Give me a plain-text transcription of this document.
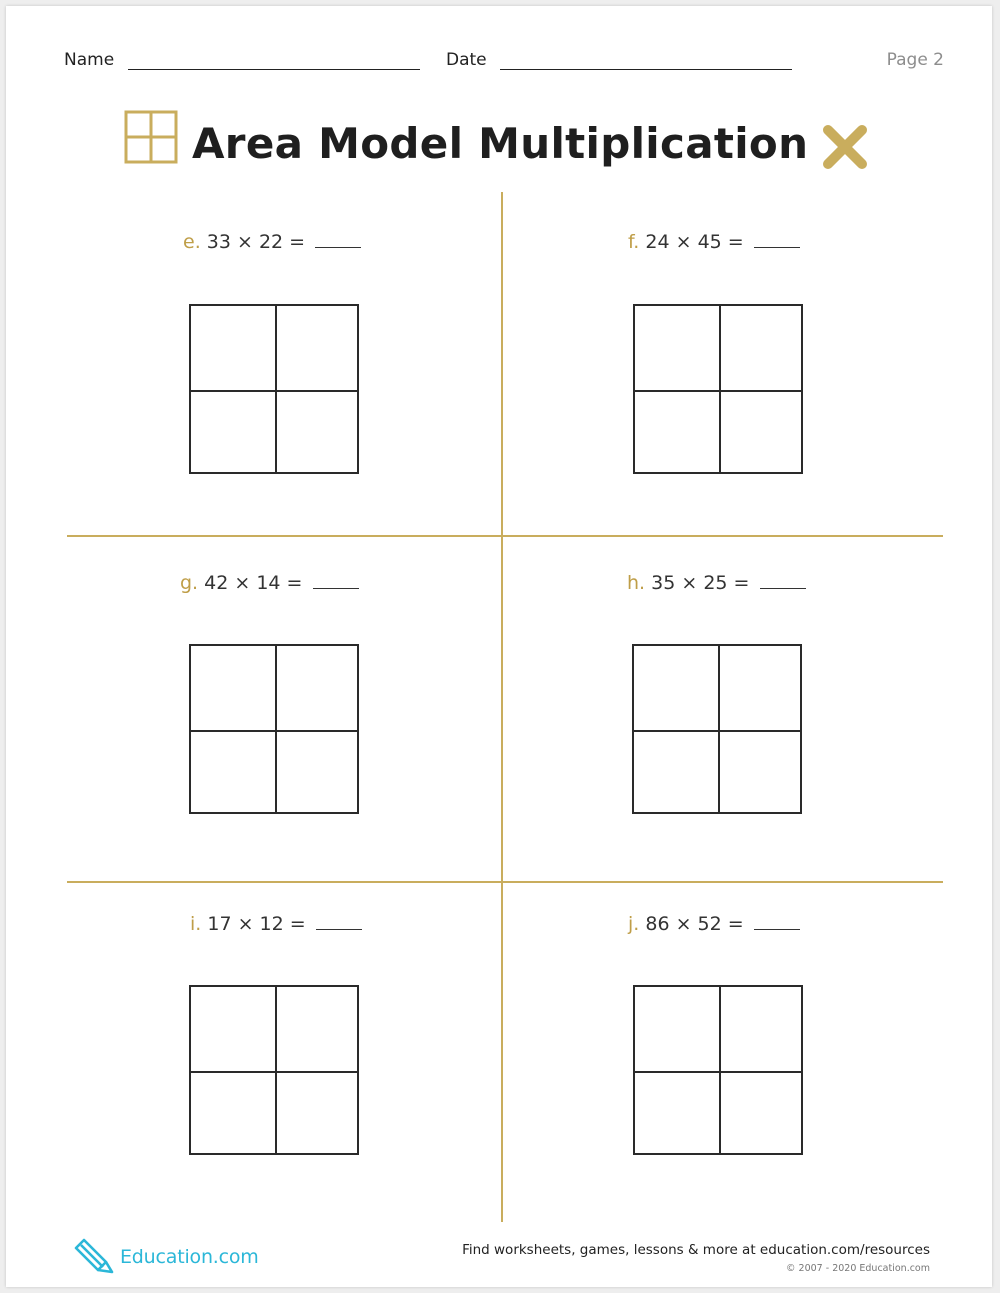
Name	Date	Page 2
Area Model Multiplication
e. 33 × 22 =	f. 24 × 45 =
g. 42 × 14 =	h. 35 × 25 =
i. 17 × 12 =	j. 86 × 52 =
Education.com	Find worksheets, games, lessons & more at education.com/resources
© 2007 - 2020 Education.com
